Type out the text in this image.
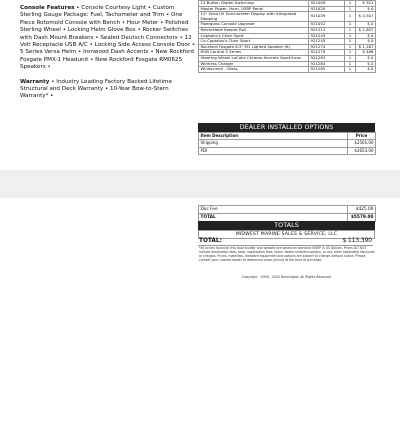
Console Features • Console Courtesy Light • Custom Sterling Gauge Package: Fuel, Tachometer and Trim • One Piece Rotomold Console with Bench • Hour Meter • Polished Sterling Wheel • Locking Helm Glove Box • Rocker Switches with Dash Mount Breakers • Sealed Deutsch Connectors • 12 Volt Receptacle USB A/C • Locking Side Access Console Door • 5 Series Versa Helm • Ironwood Dash Accents • New Rockford Fosgate PMX-1 Headunit • New Rockford Fosgate RM0625 Speakers •

Warranty • Industry Leading Factory Backed Lifetime Structural and Deck Warranty • 10-Year Bow-to-Stern Warranty* •

12 Button Digital Switching	921009	1	$ 921
Master Power, Horn, USBP Panel	921020	1	$ 0
12" Vivid UIl Touchscreen Display with Integrated Mapping	921039	1	$ 4,507
Fiberglass Console Upgrade	921052	1	$ 0
Retractable Keeper Rail	921211	1	$ 1,807
Captains's Chair Sport	921243	1	$ 0
Co-Captains's Chair Sport	921245	1	$ 0
Rockford Fosgate 6.5" M1 Lighted Speaker (6)	921274	1	$ 1,167
RGB Control S Series	921279	1	$ 486
Steering Wheel LaCalle Chrome Accents Sport/Luxe	921283	1	$ 0
Wireless Charger	921284	1	$ 0
Windscreen - Glass	921285	1	$ 0
DEALER INSTALLED OPTIONS
Item Description	Price
Shipping	$2501.00
PDI	$2653.00
Doc Fee	$425.00
TOTAL	$5579.00
TOTALS
MIDWEST MARINE SALES & SERVICE, LLC
TOTAL:	$ 113,390
*All prices found on this boat builder and website are based on standard MSRP in US Dollars. Prices DO NOT include destination fees, prep, registration fees, taxes, dealer installed options, or any other applicable discounts or charges. Prices, materials, standard equipment and options are subject to change without notice. Please contact your nearest dealer to determine exact pricing at the time of purchase.
Copyright · 2006 - 2020 Bennington All Rights Reserved
